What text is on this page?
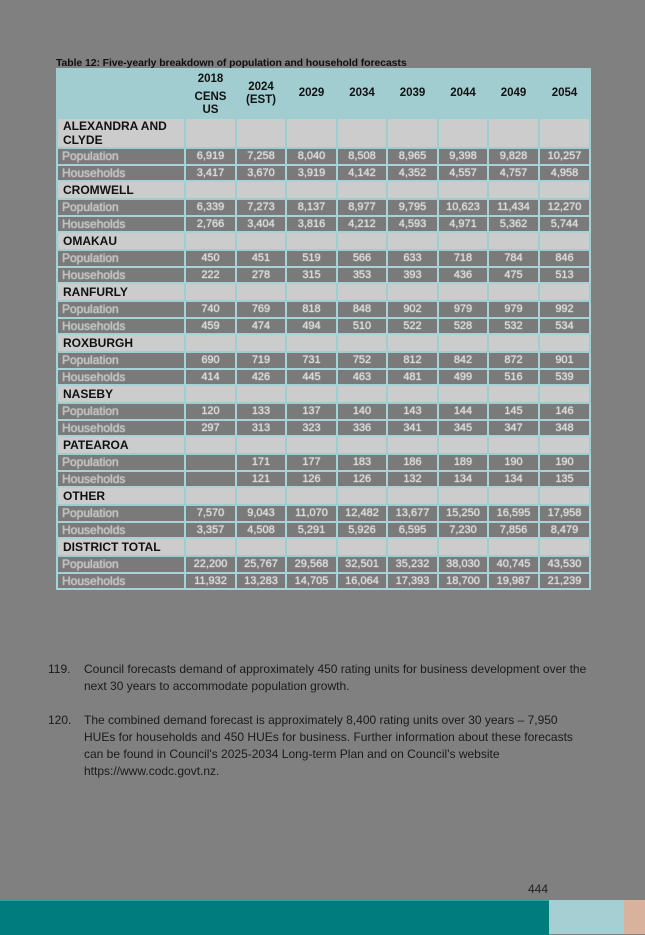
Table 12: Five-yearly breakdown of population and household forecasts
	2018	2024 (EST)	2029	2034	2039	2044	2049	2054
	CENS US							
ALEXANDRA AND CLYDE								
Population	6,919	7,258	8,040	8,508	8,965	9,398	9,828	10,257
Households	3,417	3,670	3,919	4,142	4,352	4,557	4,757	4,958
CROMWELL								
Population	6,339	7,273	8,137	8,977	9,795	10,623	11,434	12,270
Households	2,766	3,404	3,816	4,212	4,593	4,971	5,362	5,744
OMAKAU								
Population	450	451	519	566	633	718	784	846
Households	222	278	315	353	393	436	475	513
RANFURLY								
Population	740	769	818	848	902	979	979	992
Households	459	474	494	510	522	528	532	534
ROXBURGH								
Population	690	719	731	752	812	842	872	901
Households	414	426	445	463	481	499	516	539
NASEBY								
Population	120	133	137	140	143	144	145	146
Households	297	313	323	336	341	345	347	348
PATEAROA								
Population		171	177	183	186	189	190	190
Households		121	126	126	132	134	134	135
OTHER								
Population	7,570	9,043	11,070	12,482	13,677	15,250	16,595	17,958
Households	3,357	4,508	5,291	5,926	6,595	7,230	7,856	8,479
DISTRICT TOTAL								
Population	22,200	25,767	29,568	32,501	35,232	38,030	40,745	43,530
Households	11,932	13,283	14,705	16,064	17,393	18,700	19,987	21,239
119. Council forecasts demand of approximately 450 rating units for business development over the next 30 years to accommodate population growth.
120. The combined demand forecast is approximately 8,400 rating units over 30 years – 7,950 HUEs for households and 450 HUEs for business. Further information about these forecasts can be found in Council's 2025-2034 Long-term Plan and on Council's website https://www.codc.govt.nz.
444
